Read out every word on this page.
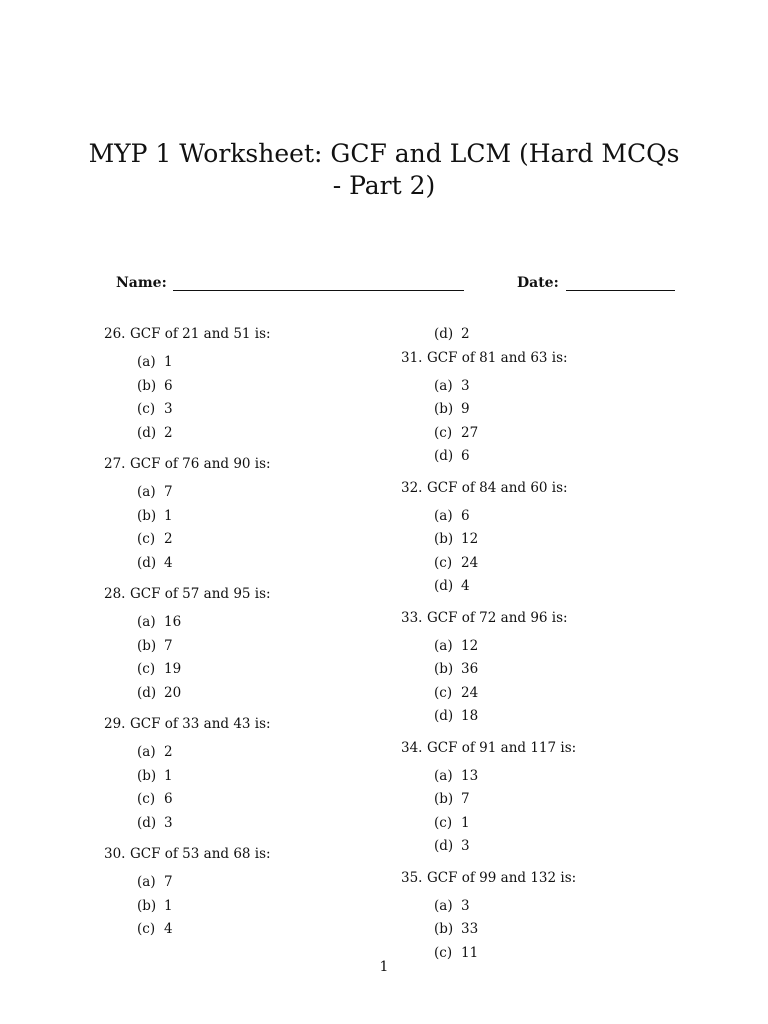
MYP 1 Worksheet: GCF and LCM (Hard MCQs - Part 2)
Name:	Date:
26. GCF of 21 and 51 is:
(a) 1
(b) 6
(c) 3
(d) 2
27. GCF of 76 and 90 is:
(a) 7
(b) 1
(c) 2
(d) 4
28. GCF of 57 and 95 is:
(a) 16
(b) 7
(c) 19
(d) 20
29. GCF of 33 and 43 is:
(a) 2
(b) 1
(c) 6
(d) 3
30. GCF of 53 and 68 is:
(a) 7
(b) 1
(c) 4
(d) 2
31. GCF of 81 and 63 is:
(a) 3
(b) 9
(c) 27
(d) 6
32. GCF of 84 and 60 is:
(a) 6
(b) 12
(c) 24
(d) 4
33. GCF of 72 and 96 is:
(a) 12
(b) 36
(c) 24
(d) 18
34. GCF of 91 and 117 is:
(a) 13
(b) 7
(c) 1
(d) 3
35. GCF of 99 and 132 is:
(a) 3
(b) 33
(c) 11
1
